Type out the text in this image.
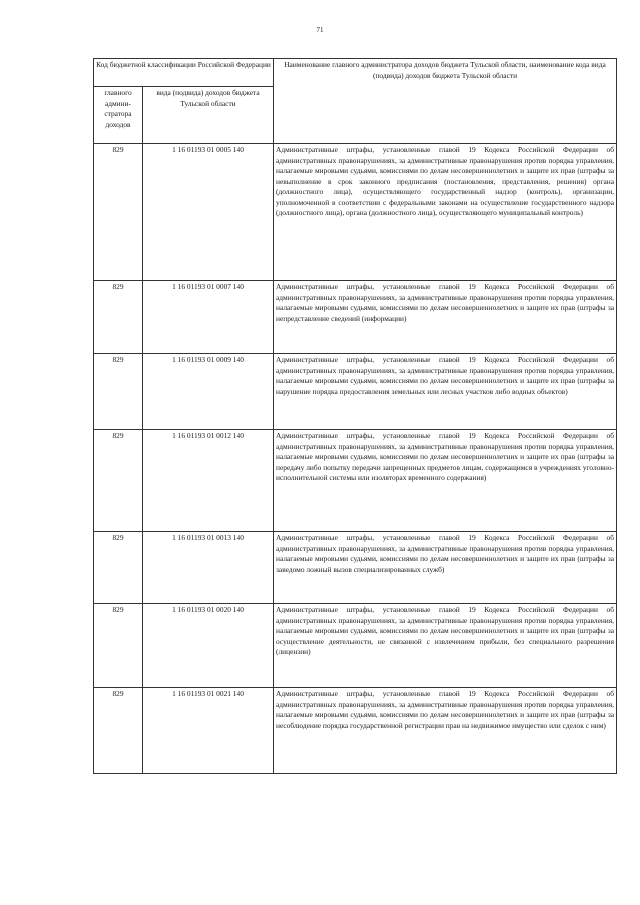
71
Код бюджетной классификации Российской Федерации		Наименование главного администратора доходов бюджета Тульской области, наименование кода вида (подвида) доходов бюджета Тульской области
главного админи-стратора доходов	вида (подвида) доходов бюджета Тульской области	
829	1 16 01193 01 0005 140	Административные штрафы, установленные главой 19 Кодекса Российской Федерации об административных правонарушениях, за административные правонарушения против порядка управления, налагаемые мировыми судьями, комиссиями по делам несовершеннолетних и защите их прав (штрафы за невыполнение в срок законного предписания (постановления, представления, решения) органа (должностного лица), осуществляющего государственный надзор (контроль), организации, уполномоченной в соответствии с федеральными законами на осуществление государственного надзора (должностного лица), органа (должностного лица), осуществляющего муниципальный контроль)
829	1 16 01193 01 0007 140	Административные штрафы, установленные главой 19 Кодекса Российской Федерации об административных правонарушениях, за административные правонарушения против порядка управления, налагаемые мировыми судьями, комиссиями по делам несовершеннолетних и защите их прав (штрафы за непредставление сведений (информации)
829	1 16 01193 01 0009 140	Административные штрафы, установленные главой 19 Кодекса Российской Федерации об административных правонарушениях, за административные правонарушения против порядка управления, налагаемые мировыми судьями, комиссиями по делам несовершеннолетних и защите их прав (штрафы за нарушение порядка предоставления земельных или лесных участков либо водных объектов)
829	1 16 01193 01 0012 140	Административные штрафы, установленные главой 19 Кодекса Российской Федерации об административных правонарушениях, за административные правонарушения против порядка управления, налагаемые мировыми судьями, комиссиями по делам несовершеннолетних и защите их прав (штрафы за передачу либо попытку передачи запрещенных предметов лицам, содержащимся в учреждениях уголовно-исполнительной системы или изоляторах временного содержания)
829	1 16 01193 01 0013 140	Административные штрафы, установленные главой 19 Кодекса Российской Федерации об административных правонарушениях, за административные правонарушения против порядка управления, налагаемые мировыми судьями, комиссиями по делам несовершеннолетних и защите их прав (штрафы за заведомо ложный вызов специализированных служб)
829	1 16 01193 01 0020 140	Административные штрафы, установленные главой 19 Кодекса Российской Федерации об административных правонарушениях, за административные правонарушения против порядка управления, налагаемые мировыми судьями, комиссиями по делам несовершеннолетних и защите их прав (штрафы за осуществление деятельности, не связанной с извлечением прибыли, без специального разрешения (лицензии)
829	1 16 01193 01 0021 140	Административные штрафы, установленные главой 19 Кодекса Российской Федерации об административных правонарушениях, за административные правонарушения против порядка управления, налагаемые мировыми судьями, комиссиями по делам несовершеннолетних и защите их прав (штрафы за несоблюдение порядка государственной регистрации прав на недвижимое имущество или сделок с ним)
